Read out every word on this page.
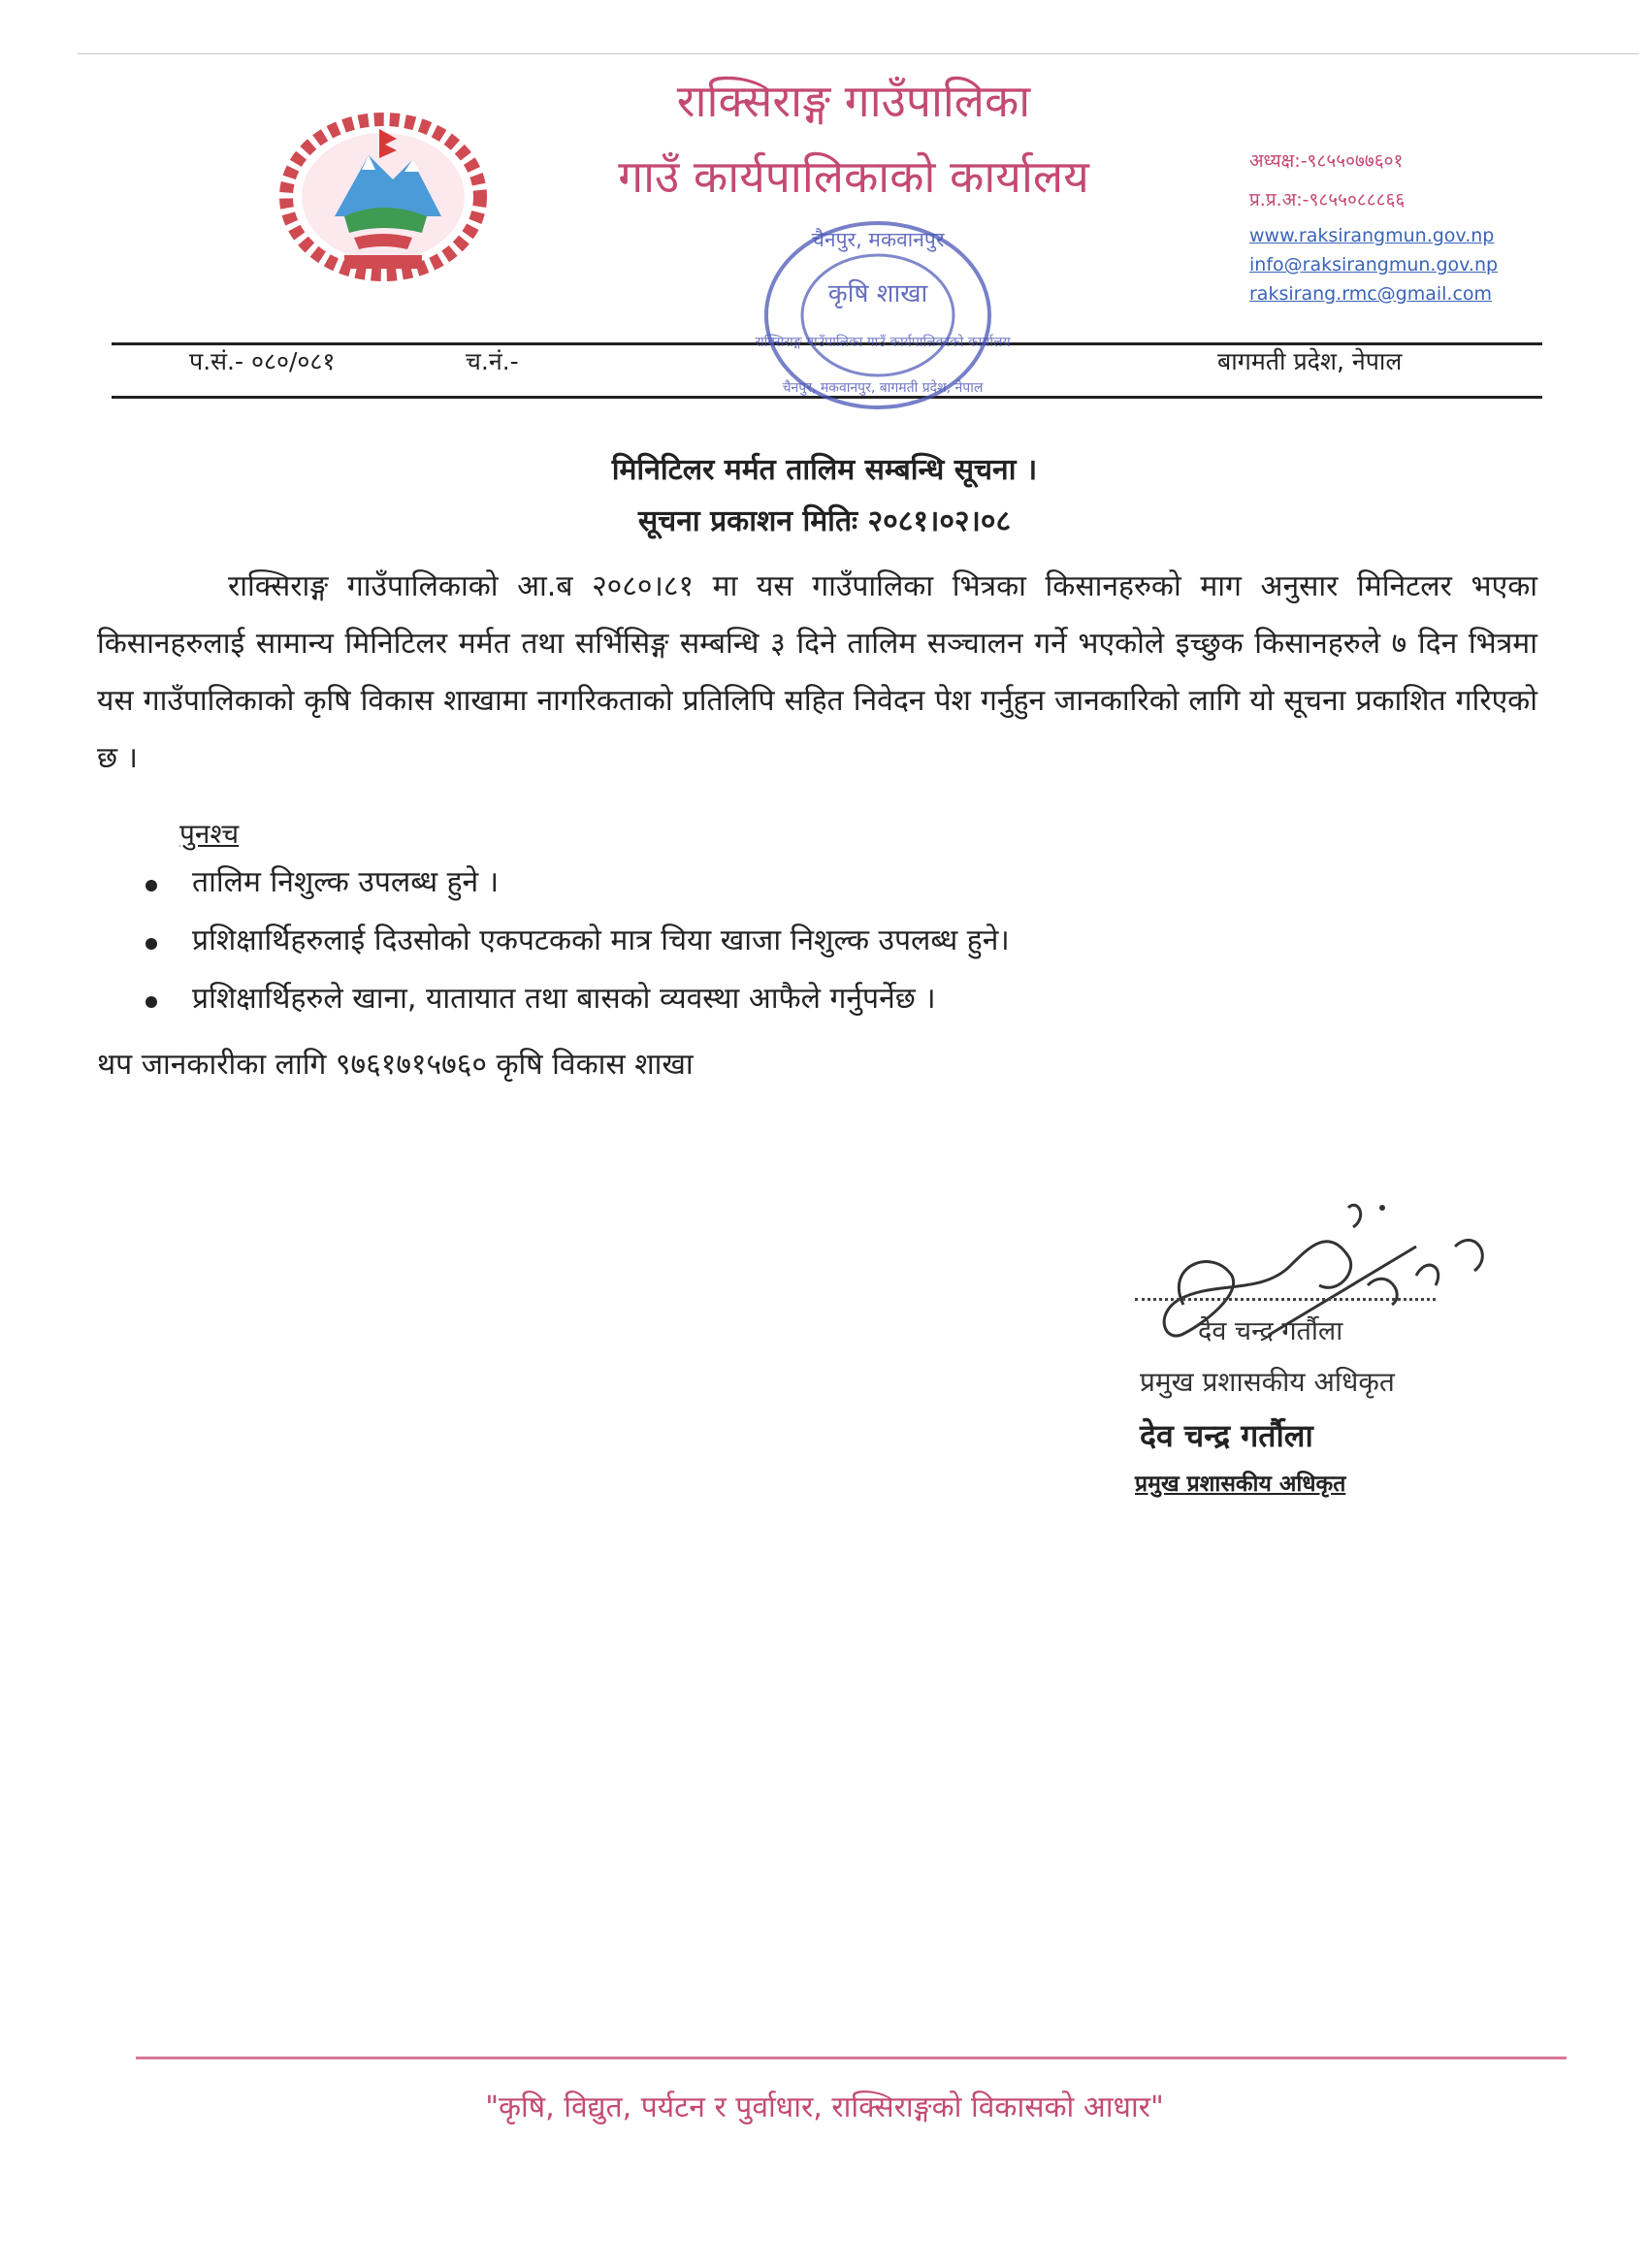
राक्सिराङ्ग गाउँपालिका
गाउँ कार्यपालिकाको कार्यालय	अध्यक्ष:-९८५५०७७६०१
प्र.प्र.अ:-९८५५०८८८६६
www.raksirangmun.gov.np
info@raksirangmun.gov.np
raksirang.rmc@gmail.com
प.सं.- ०८०/०८१	च.नं.-	बागमती प्रदेश, नेपाल
चैनपुर, मकवानपुर
कृषि शाखा
राक्सिराङ्ग गाउँपालिका गाउँ कार्यपालिकाको कार्यालय
चैनपुर, मकवानपुर, बागमती प्रदेश, नेपाल
मिनिटिलर मर्मत तालिम सम्बन्धि सूचना ।
सूचना प्रकाशन मितिः २०८१।०२।०८
राक्सिराङ्ग गाउँपालिकाको आ.ब २०८०।८१ मा यस गाउँपालिका भित्रका किसानहरुको माग अनुसार मिनिटलर भएका किसानहरुलाई सामान्य मिनिटिलर मर्मत तथा सर्भिसिङ्ग सम्बन्धि ३ दिने तालिम सञ्चालन गर्ने भएकोले इच्छुक किसानहरुले ७ दिन भित्रमा यस गाउँपालिकाको कृषि विकास शाखामा नागरिकताको प्रतिलिपि सहित निवेदन पेश गर्नुहुन जानकारिको लागि यो सूचना प्रकाशित गरिएको छ ।
पुनश्च
तालिम निशुल्क उपलब्ध हुने ।
प्रशिक्षार्थिहरुलाई दिउसोको एकपटकको मात्र चिया खाजा निशुल्क उपलब्ध हुने।
प्रशिक्षार्थिहरुले खाना, यातायात तथा बासको व्यवस्था आफैले गर्नुपर्नेछ ।
थप जानकारीका लागि ९७६१७१५७६० कृषि विकास शाखा
देव चन्द्र गर्तौला
प्रमुख प्रशासकीय अधिकृत
देव चन्द्र गर्तौला
प्रमुख प्रशासकीय अधिकृत
"कृषि, विद्युत, पर्यटन र पुर्वाधार, राक्सिराङ्गको विकासको आधार"
